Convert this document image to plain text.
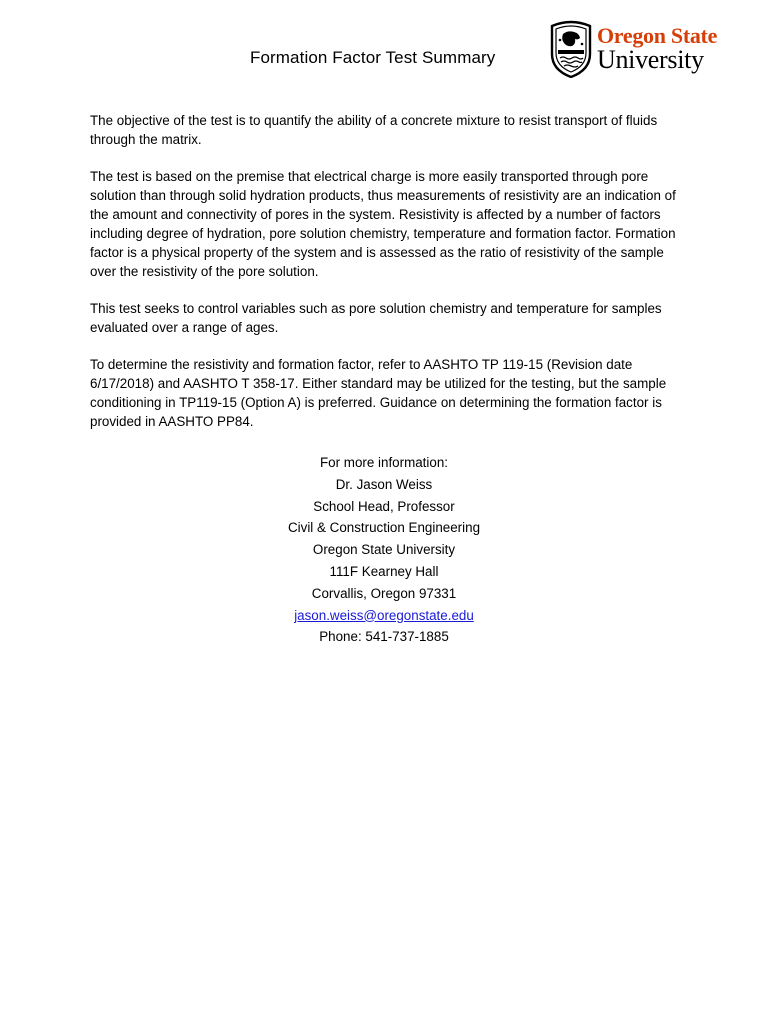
Formation Factor Test Summary
Oregon State
University

The objective of the test is to quantify the ability of a concrete mixture to resist transport of fluids through the matrix.

The test is based on the premise that electrical charge is more easily transported through pore solution than through solid hydration products, thus measurements of resistivity are an indication of the amount and connectivity of pores in the system. Resistivity is affected by a number of factors including degree of hydration, pore solution chemistry, temperature and formation factor. Formation factor is a physical property of the system and is assessed as the ratio of resistivity of the sample over the resistivity of the pore solution.

This test seeks to control variables such as pore solution chemistry and temperature for samples evaluated over a range of ages.

To determine the resistivity and formation factor, refer to AASHTO TP 119-15 (Revision date 6/17/2018) and AASHTO T 358-17. Either standard may be utilized for the testing, but the sample conditioning in TP119-15 (Option A) is preferred. Guidance on determining the formation factor is provided in AASHTO PP84.

For more information:
Dr. Jason Weiss
School Head, Professor
Civil & Construction Engineering
Oregon State University
111F Kearney Hall
Corvallis, Oregon 97331
jason.weiss@oregonstate.edu
Phone: 541-737-1885
